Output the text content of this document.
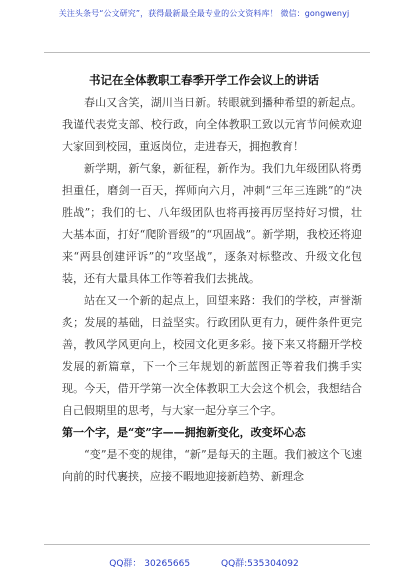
关注头条号“公文研究”，获得最新最全最专业的公文资料库！ 微信：gongwenyj
书记在全体教职工春季开学工作会议上的讲话

春山又含笑，湖川当日新。转眼就到播种希望的新起点。我谨代表党支部、校行政，向全体教职工致以元宵节问候欢迎大家回到校园，重返岗位，走进春天，拥抱教育！

新学期，新气象，新征程，新作为。我们九年级团队将勇担重任，磨剑一百天，挥师向六月，冲刺“三年三连跳”的“决胜战”；我们的七、八年级团队也将再接再厉坚持好习惯，壮大基本面，打好“爬阶晋级”的“巩固战”。新学期，我校还将迎来“两县创建评诉”的“攻坚战”，逐条对标整改、升级文化包装，还有大量具体工作等着我们去挑战。

站在又一个新的起点上，回望来路：我们的学校，声誉渐炙；发展的基础，日益坚实。行政团队更有力，硬件条件更完善，教风学风更向上，校园文化更多彩。接下来又将翻开学校发展的新篇章，下一个三年规划的新蓝图正等着我们携手实现。今天，借开学第一次全体教职工大会这个机会，我想结合自己假期里的思考，与大家一起分享三个字。

第一个字，是“变”字——拥抱新变化，改变坏心态

“变”是不变的规律，“新”是每天的主题。我们被这个飞速向前的时代裹挟，应接不暇地迎接新趋势、新理念

QQ群： 30265665	QQ群:535304092
